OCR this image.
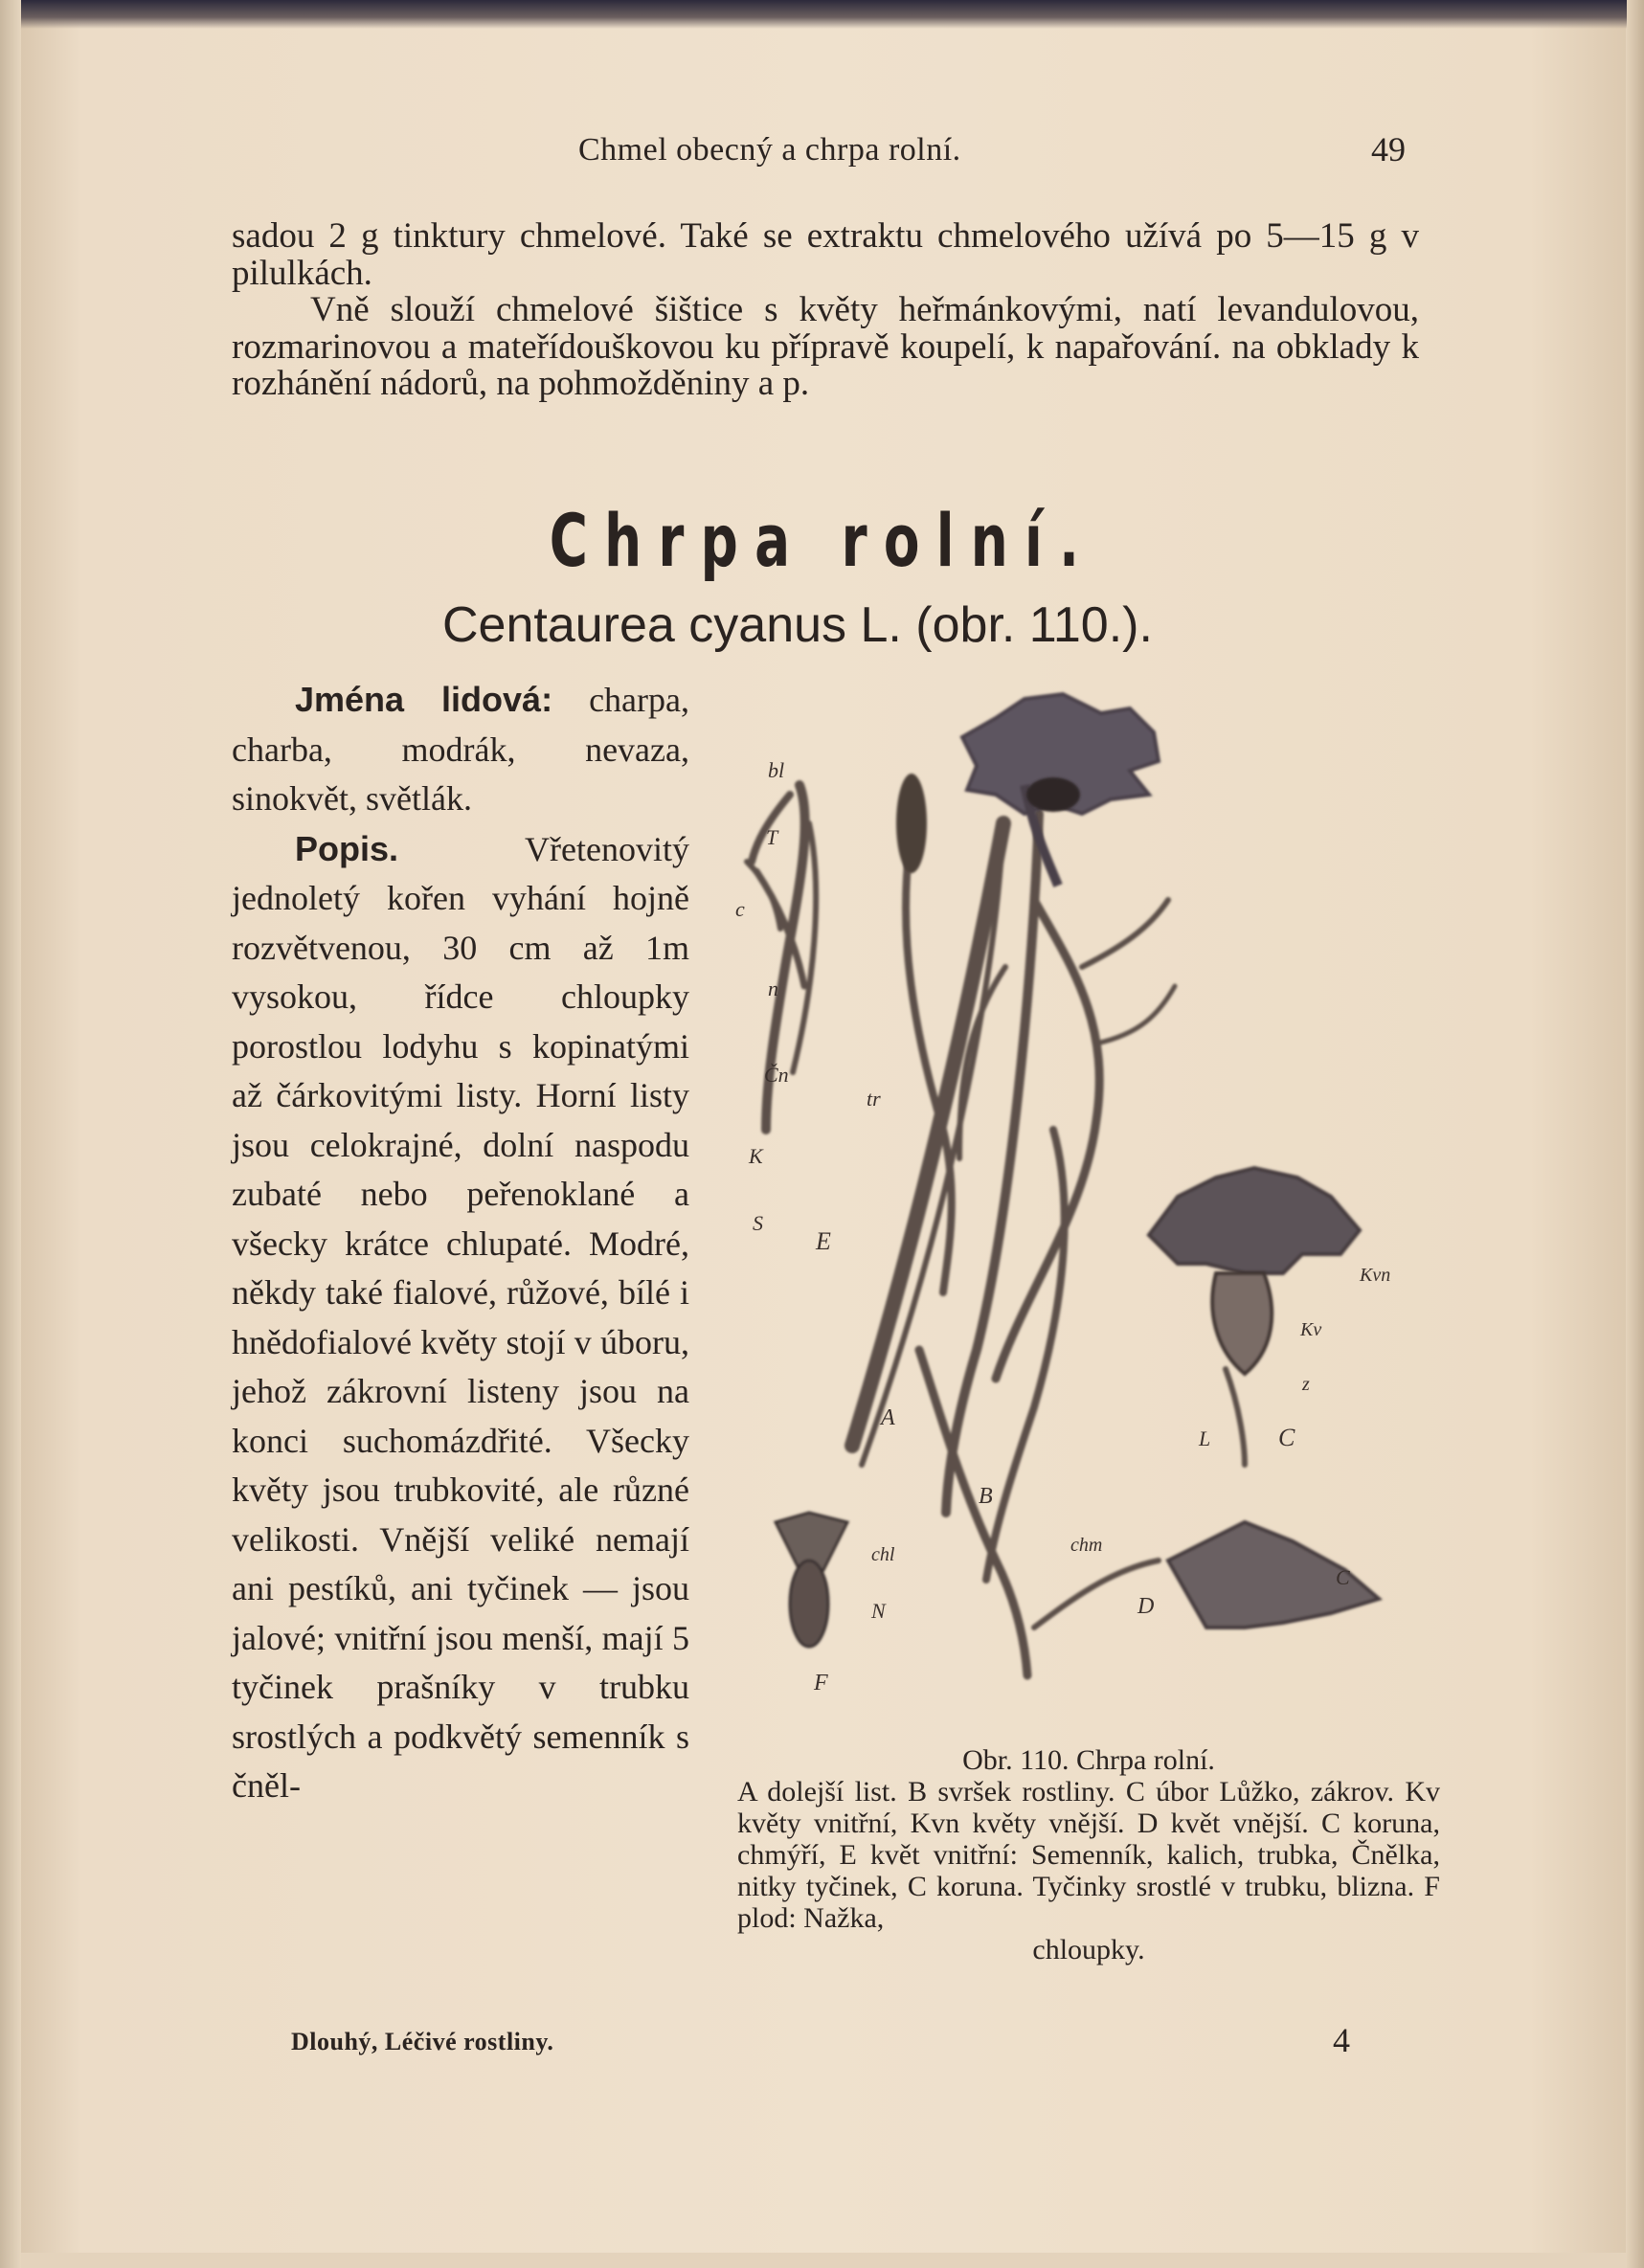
Chmel obecný a chrpa rolní.	49

sadou 2 g tinktury chmelové. Také se extraktu chmelového užívá po 5—15 g v pilulkách.

Vně slouží chmelové šištice s květy heřmánkovými, natí levandulovou, rozmarinovou a mateřídouškovou ku přípravě koupelí, k napařování. na obklady k rozhánění nádorů, na pohmožděniny a p.

Chrpa rolní.
Centaurea cyanus L. (obr. 110.).

Jména lidová: charpa, charba, modrák, nevaza, sinokvět, světlák.

Popis. Vřetenovitý jednoletý kořen vyhání hojně rozvětvenou, 30 cm až 1m vysokou, řídce chloupky porostlou lodyhu s kopinatými až čárkovitými listy. Horní listy jsou celokrajné, dolní naspodu zubaté nebo peřenoklané a všecky krátce chlupaté. Modré, někdy také fialové, růžové, bílé i hnědofialové květy stojí v úboru, jehož zákrovní listeny jsou na konci suchomázdřité. Všecky květy jsou trubkovité, ale různé velikosti. Vnější veliké nemají ani pestíků, ani tyčinek — jsou jalové; vnitřní jsou menší, mají 5 tyčinek prašníky v trubku srostlých a podkvětý semenník s čněl-

bl
T
c
n
Čn
tr
K
S
E
Kvn
Kv
z
L	C
A
B
chl
N
F
chm
D
C

Obr. 110. Chrpa rolní.

A dolejší list. B svršek rostliny. C úbor Lůžko, zákrov. Kv květy vnitřní, Kvn květy vnější. D květ vnější. C koruna, chmýří, E květ vnitřní: Semenník, kalich, trubka, Čnělka, nitky tyčinek, C koruna. Tyčinky srostlé v trubku, blizna. F plod: Nažka,

chloupky.

Dlouhý, Léčivé rostliny.	4
